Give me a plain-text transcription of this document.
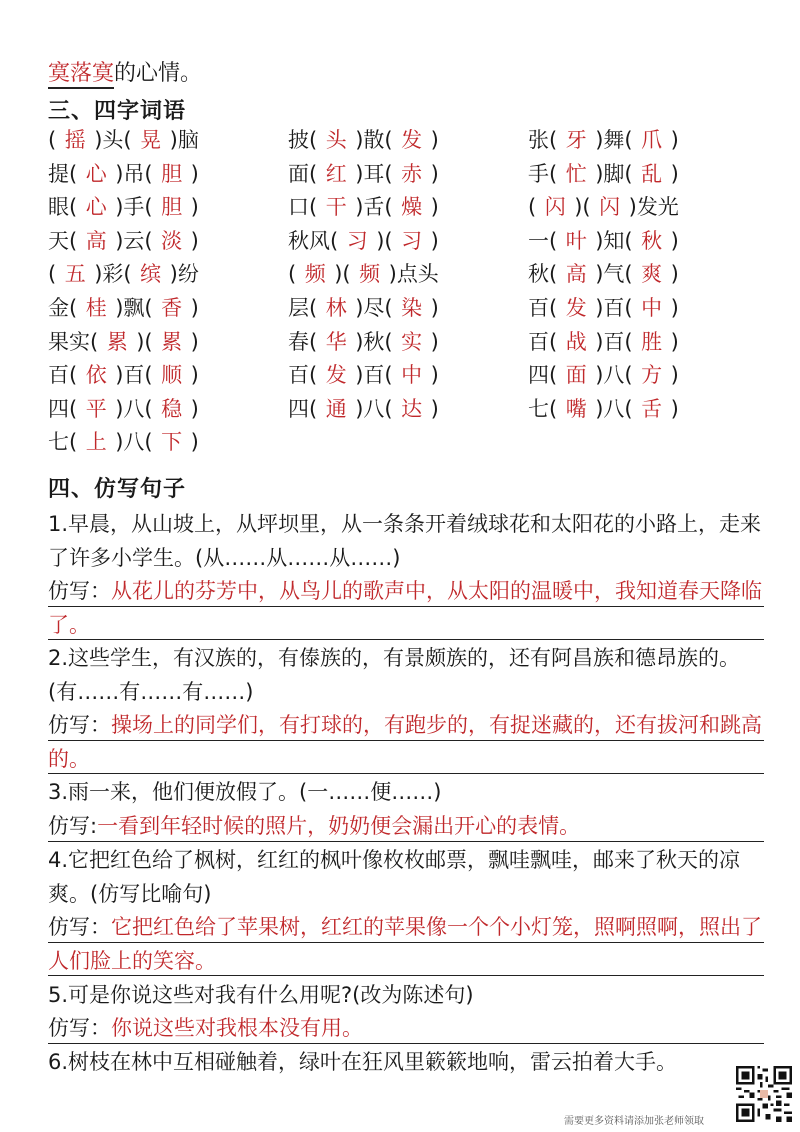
寞落寞的心情。
三、四字词语
( 摇 )头( 晃 )脑	披( 头 )散( 发 )	张( 牙 )舞( 爪 )
提( 心 )吊( 胆 )	面( 红 )耳( 赤 )	手( 忙 )脚( 乱 )
眼( 心 )手( 胆 )	口( 干 )舌( 燥 )	( 闪 )( 闪 )发光
天( 高 )云( 淡 )	秋风( 习 )( 习 )	一( 叶 )知( 秋 )
( 五 )彩( 缤 )纷	( 频 )( 频 )点头	秋( 高 )气( 爽 )
金( 桂 )飘( 香 )	层( 林 )尽( 染 )	百( 发 )百( 中 )
果实( 累 )( 累 )	春( 华 )秋( 实 )	百( 战 )百( 胜 )
百( 依 )百( 顺 )	百( 发 )百( 中 )	四( 面 )八( 方 )
四( 平 )八( 稳 )	四( 通 )八( 达 )	七( 嘴 )八( 舌 )
七( 上 )八( 下 )
四、仿写句子
1.早晨，从山坡上，从坪坝里，从一条条开着绒球花和太阳花的小路上，走来了许多小学生。(从……从……从……)
仿写：从花儿的芬芳中，从鸟儿的歌声中，从太阳的温暖中，我知道春天降临了。
2.这些学生，有汉族的，有傣族的，有景颇族的，还有阿昌族和德昂族的。(有……有……有……)
仿写：操场上的同学们，有打球的，有跑步的，有捉迷藏的，还有拔河和跳高的。
3.雨一来，他们便放假了。(一……便……)
仿写:一看到年轻时候的照片，奶奶便会漏出开心的表情。
4.它把红色给了枫树，红红的枫叶像枚枚邮票，飘哇飘哇，邮来了秋天的凉爽。(仿写比喻句)
仿写：它把红色给了苹果树，红红的苹果像一个个小灯笼，照啊照啊，照出了人们脸上的笑容。
5.可是你说这些对我有什么用呢?(改为陈述句)
仿写：你说这些对我根本没有用。
6.树枝在林中互相碰触着，绿叶在狂风里簌簌地响，雷云拍着大手。
需要更多资料请添加张老师领取
